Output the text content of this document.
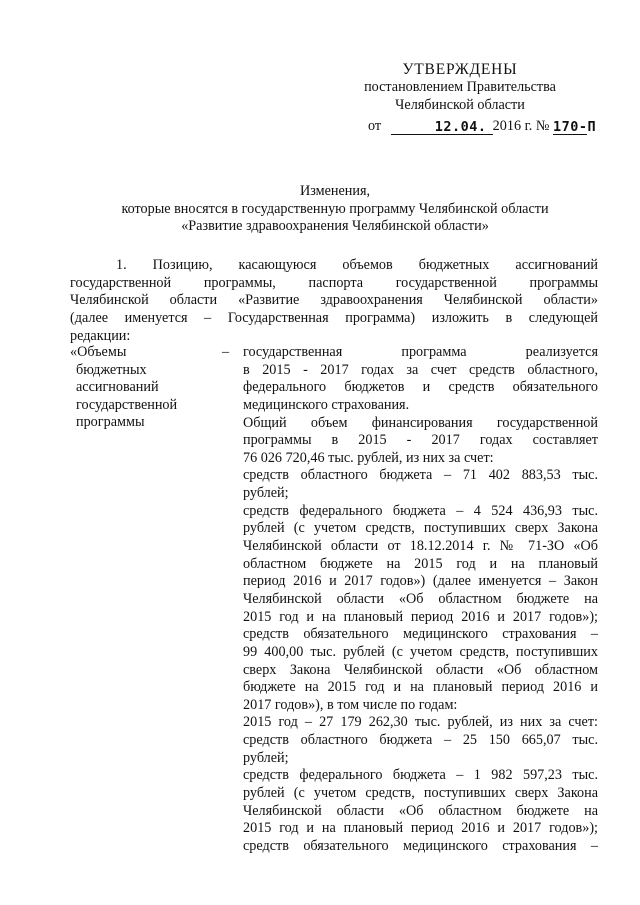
УТВЕРЖДЕНЫ
постановлением Правительства
Челябинской области
от	12.04. 2016 г. № 170-П
Изменения,
которые вносятся в государственную программу Челябинской области
«Развитие здравоохранения Челябинской области»
1. Позицию, касающуюся объемов бюджетных ассигнований
государственной программы, паспорта государственной программы
Челябинской области «Развитие здравоохранения Челябинской области»
(далее именуется – Государственная программа) изложить в следующей
редакции:
«Объемы
бюджетных
ассигнований
государственной
программы
– государственная программа реализуется
в 2015 - 2017 годах за счет средств областного,
федерального бюджетов и средств обязательного
медицинского страхования.
Общий объем финансирования государственной
программы в 2015 - 2017 годах составляет
76 026 720,46 тыс. рублей, из них за счет:
средств областного бюджета – 71 402 883,53 тыс.
рублей;
средств федерального бюджета – 4 524 436,93 тыс.
рублей (с учетом средств, поступивших сверх Закона
Челябинской области от 18.12.2014 г. № 71-ЗО «Об
областном бюджете на 2015 год и на плановый
период 2016 и 2017 годов») (далее именуется – Закон
Челябинской области «Об областном бюджете на
2015 год и на плановый период 2016 и 2017 годов»);
средств обязательного медицинского страхования –
99 400,00 тыс. рублей (с учетом средств, поступивших
сверх Закона Челябинской области «Об областном
бюджете на 2015 год и на плановый период 2016 и
2017 годов»), в том числе по годам:
2015 год – 27 179 262,30 тыс. рублей, из них за счет:
средств областного бюджета – 25 150 665,07 тыс.
рублей;
средств федерального бюджета – 1 982 597,23 тыс.
рублей (с учетом средств, поступивших сверх Закона
Челябинской области «Об областном бюджете на
2015 год и на плановый период 2016 и 2017 годов»);
средств обязательного медицинского страхования –
